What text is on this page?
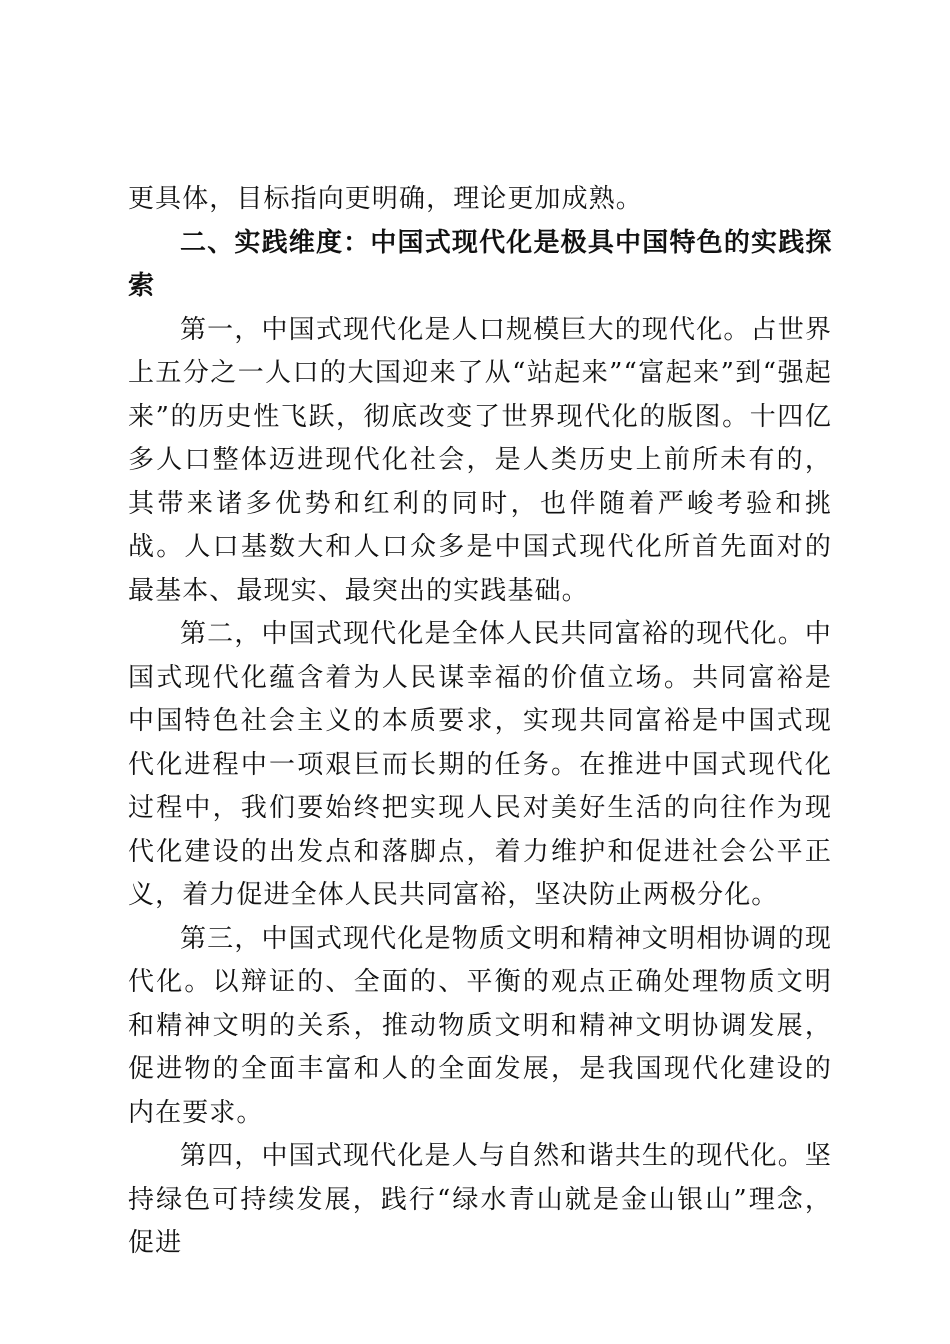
更具体，目标指向更明确，理论更加成熟。

二、实践维度：中国式现代化是极具中国特色的实践探索

第一，中国式现代化是人口规模巨大的现代化。占世界上五分之一人口的大国迎来了从“站起来”“富起来”到“强起来”的历史性飞跃，彻底改变了世界现代化的版图。十四亿多人口整体迈进现代化社会，是人类历史上前所未有的，其带来诸多优势和红利的同时，也伴随着严峻考验和挑战。人口基数大和人口众多是中国式现代化所首先面对的最基本、最现实、最突出的实践基础。

第二，中国式现代化是全体人民共同富裕的现代化。中国式现代化蕴含着为人民谋幸福的价值立场。共同富裕是中国特色社会主义的本质要求，实现共同富裕是中国式现代化进程中一项艰巨而长期的任务。在推进中国式现代化过程中，我们要始终把实现人民对美好生活的向往作为现代化建设的出发点和落脚点，着力维护和促进社会公平正义，着力促进全体人民共同富裕，坚决防止两极分化。

第三，中国式现代化是物质文明和精神文明相协调的现代化。以辩证的、全面的、平衡的观点正确处理物质文明和精神文明的关系，推动物质文明和精神文明协调发展，促进物的全面丰富和人的全面发展，是我国现代化建设的内在要求。

第四，中国式现代化是人与自然和谐共生的现代化。坚持绿色可持续发展，践行“绿水青山就是金山银山”理念，促进
